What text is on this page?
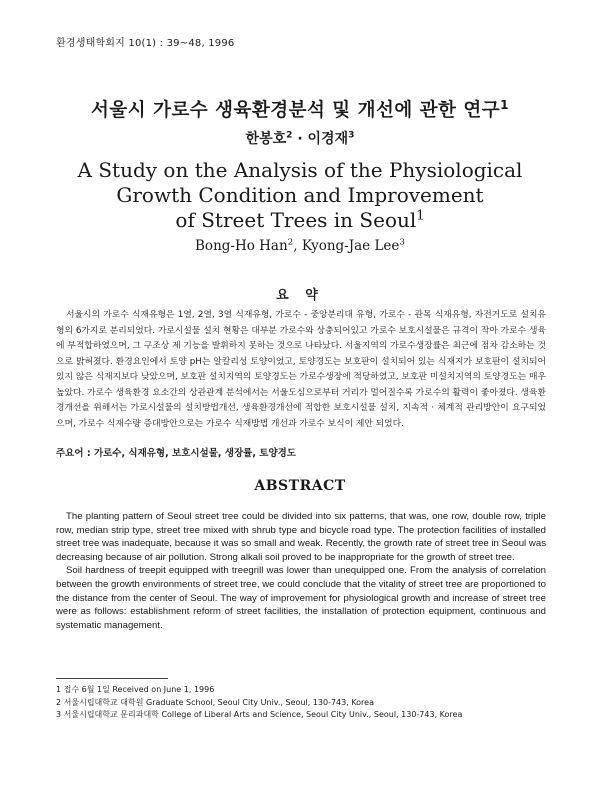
환경생태학회지 10(1) : 39~48, 1996
서울시 가로수 생육환경분석 및 개선에 관한 연구$^1$
한봉호$^2$ · 이경재$^3$
A Study on the Analysis of the Physiological
Growth Condition and Improvement
of Street Trees in Seoul$^1$
Bong-Ho Han$^2$, Kyong-Jae Lee$^3$
요 약
서울시의 가로수 식재유형은 1열, 2열, 3열 식재유형, 가로수 - 중앙분리대 유형, 가로수 - 관목 식재유형, 자전거도로 설치유형의 6가지로 분리되었다. 가로시설물 설치 현황은 대부분 가로수와 상충되어있고 가로수 보호시설물은 규격이 작아 가로수 생육에 부적합하였으며, 그 구조상 제 기능을 발휘하지 못하는 것으로 나타났다. 서울지역의 가로수생장률은 최근에 점차 감소하는 것으로 밝혀졌다. 환경요인에서 토양 pH는 알칼리성 토양이었고, 토양경도는 보호판이 설치되어 있는 식재지가 보호판이 설치되어있지 않은 식재지보다 낮았으며, 보호판 설치지역의 토양경도는 가로수생장에 적당하였고, 보호판 미설치지역의 토양경도는 매우 높았다. 가로수 생육환경 요소간의 상관관계 분석에서는 서울도심으로부터 거리가 멀어질수록 가로수의 활력이 좋아졌다. 생육환경개선을 위해서는 가로시설물의 설치방법개선, 생육환경개선에 적합한 보호시설물 설치, 지속적 · 체계적 관리방안이 요구되었으며, 가로수 식재수량 증대방안으로는 가로수 식재방법 개선과 가로수 보식이 제안 되었다.
주요어 : 가로수, 식재유형, 보호시설물, 생장률, 토양경도
ABSTRACT

The planting pattern of Seoul street tree could be divided into six patterns, that was, one row, double row, triple row, median strip type, street tree mixed with shrub type and bicycle road type. The protection facilities of installed street tree was inadequate, because it was so small and weak. Recently, the growth rate of street tree in Seoul was decreasing because of air pollution. Strong alkali soil proved to be inappropriate for the growth of street tree.

Soil hardness of treepit equipped with treegrill was lower than unequipped one. From the analysis of correlation between the growth environments of street tree, we could conclude that the vitality of street tree are proportioned to the distance from the center of Seoul. The way of improvement for physiological growth and increase of street tree were as follows: establishment reform of street facilities, the installation of protection equipment, continuous and systematic management.

1 접수 6월 1일 Received on June 1, 1996
2 서울시립대학교 대학원 Graduate School, Seoul City Univ., Seoul, 130-743, Korea
3 서울시립대학교 문리과대학 College of Liberal Arts and Science, Seoul City Univ., Seoul, 130-743, Korea
